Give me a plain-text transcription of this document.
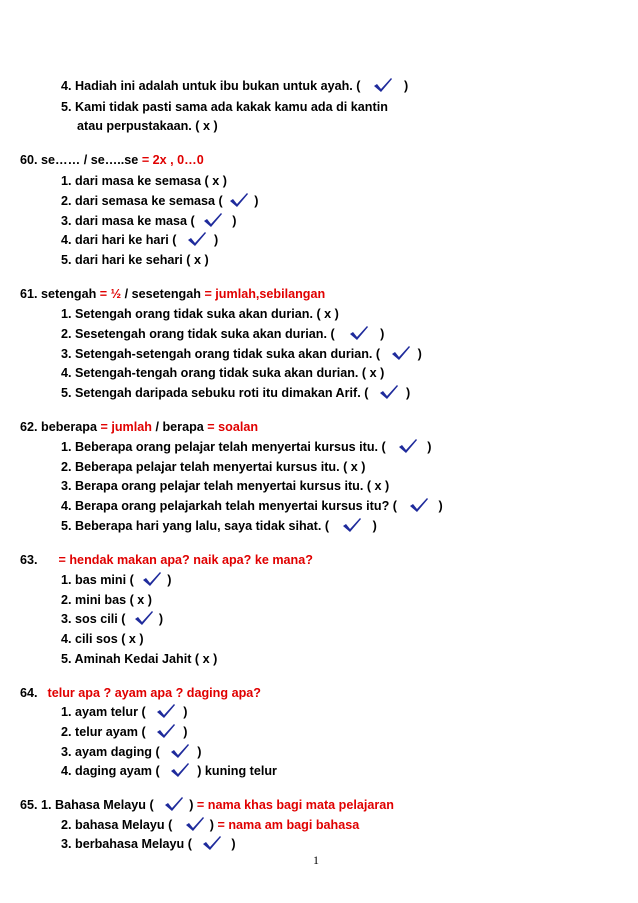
4. Hadiah ini adalah untuk ibu bukan untuk ayah. (	)
5. Kami tidak pasti sama ada kakak kamu ada di kantin
atau perpustakaan. ( x )
60. se…… / se…..se = 2x , 0…0
1. dari masa ke semasa ( x )
2. dari semasa ke semasa (	)
3. dari masa ke masa (	)
4. dari hari ke hari (	)
5. dari hari ke sehari ( x )
61. setengah = ½ / sesetengah = jumlah,sebilangan
1. Setengah orang tidak suka akan durian. ( x )
2. Sesetengah orang tidak suka akan durian. (	)
3. Setengah-setengah orang tidak suka akan durian. (	)
4. Setengah-tengah orang tidak suka akan durian. ( x )
5. Setengah daripada sebuku roti itu dimakan Arif. (	)
62. beberapa = jumlah / berapa = soalan
1. Beberapa orang pelajar telah menyertai kursus itu. (	)
2. Beberapa pelajar telah menyertai kursus itu. ( x )
3. Berapa orang pelajar telah menyertai kursus itu. ( x )
4. Berapa orang pelajarkah telah menyertai kursus itu? (	)
5. Beberapa hari yang lalu, saya tidak sihat. (	)
63. = hendak makan apa? naik apa? ke mana?
1. bas mini (	)
2. mini bas ( x )
3. sos cili (	)
4. cili sos ( x )
5. Aminah Kedai Jahit ( x )
64. telur apa ? ayam apa ? daging apa?
1. ayam telur (	)
2. telur ayam (	)
3. ayam daging (	)
4. daging ayam (	) kuning telur
65. 1. Bahasa Melayu (	) = nama khas bagi mata pelajaran
2. bahasa Melayu (	) = nama am bagi bahasa
3. berbahasa Melayu (	)
1
